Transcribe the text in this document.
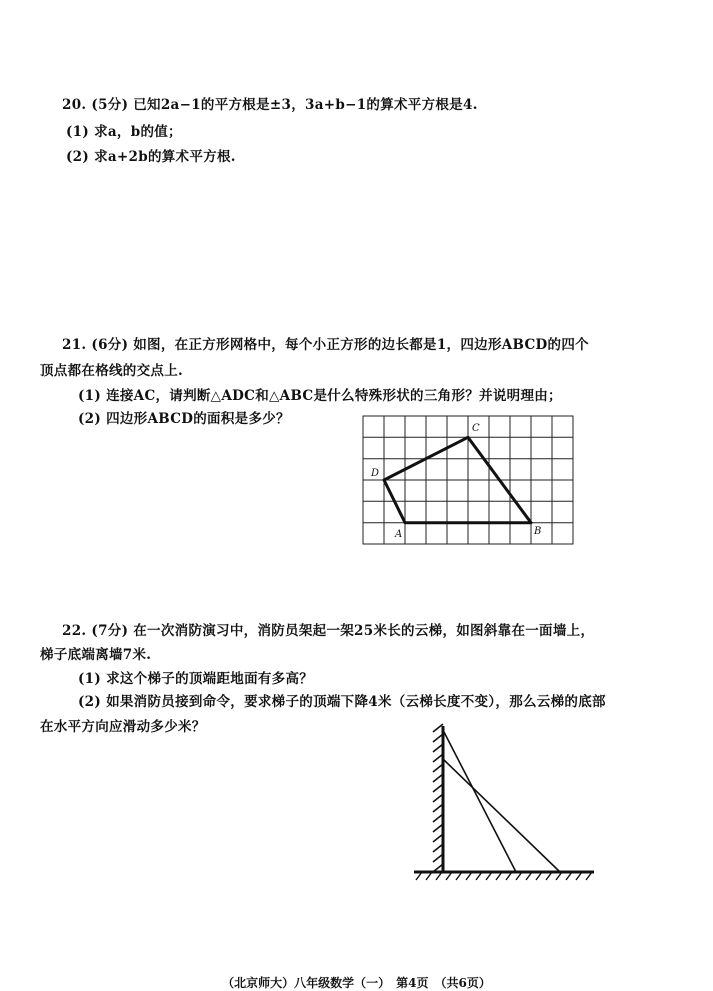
20. (5分) 已知2a−1的平方根是±3，3a+b−1的算术平方根是4.
(1) 求a，b的值；
(2) 求a+2b的算术平方根.
21. (6分) 如图，在正方形网格中，每个小正方形的边长都是1，四边形ABCD的四个
顶点都在格线的交点上.
(1) 连接AC，请判断△ADC和△ABC是什么特殊形状的三角形？并说明理由；
(2) 四边形ABCD的面积是多少？
A	B
C
D
22. (7分) 在一次消防演习中，消防员架起一架25米长的云梯，如图斜靠在一面墙上，
梯子底端离墙7米.
(1) 求这个梯子的顶端距地面有多高？
(2) 如果消防员接到命令，要求梯子的顶端下降4米（云梯长度不变），那么云梯的底部
在水平方向应滑动多少米？
（北京师大）八年级数学（一）　第4页　（共6页）
